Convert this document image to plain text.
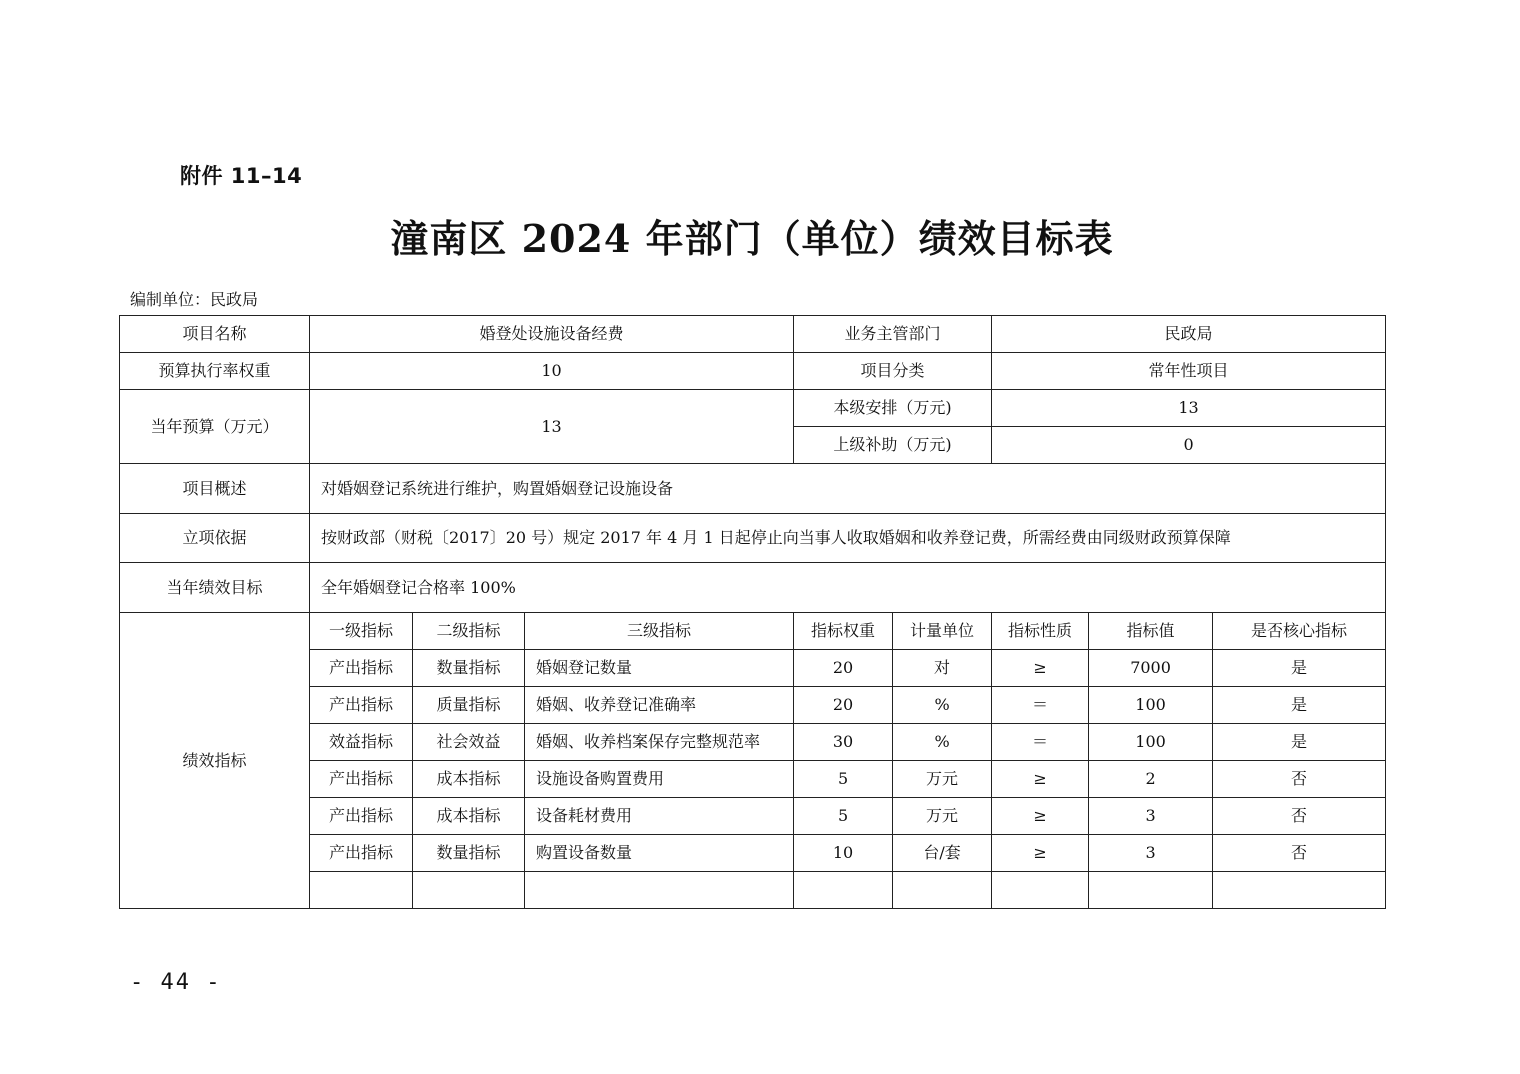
附件 11–14
潼南区 2024 年部门（单位）绩效目标表
编制单位：民政局
项目名称	婚登处设施设备经费			业务主管部门		民政局		
预算执行率权重	10			项目分类		常年性项目		
当年预算（万元）	13			本级安排（万元)		13		
				上级补助（万元)		0		
项目概述	对婚姻登记系统进行维护，购置婚姻登记设施设备							
立项依据	按财政部（财税〔2017〕20 号）规定 2017 年 4 月 1 日起停止向当事人收取婚姻和收养登记费，所需经费由同级财政预算保障							
当年绩效目标	全年婚姻登记合格率 100%							
绩效指标	一级指标	二级指标	三级指标	指标权重	计量单位	指标性质	指标值	是否核心指标
	产出指标	数量指标	婚姻登记数量	20	对	≥	7000	是
	产出指标	质量指标	婚姻、收养登记准确率	20	%	＝	100	是
	效益指标	社会效益	婚姻、收养档案保存完整规范率	30	%	＝	100	是
	产出指标	成本指标	设施设备购置费用	5	万元	≥	2	否
	产出指标	成本指标	设备耗材费用	5	万元	≥	3	否
	产出指标	数量指标	购置设备数量	10	台/套	≥	3	否

- 44 -
